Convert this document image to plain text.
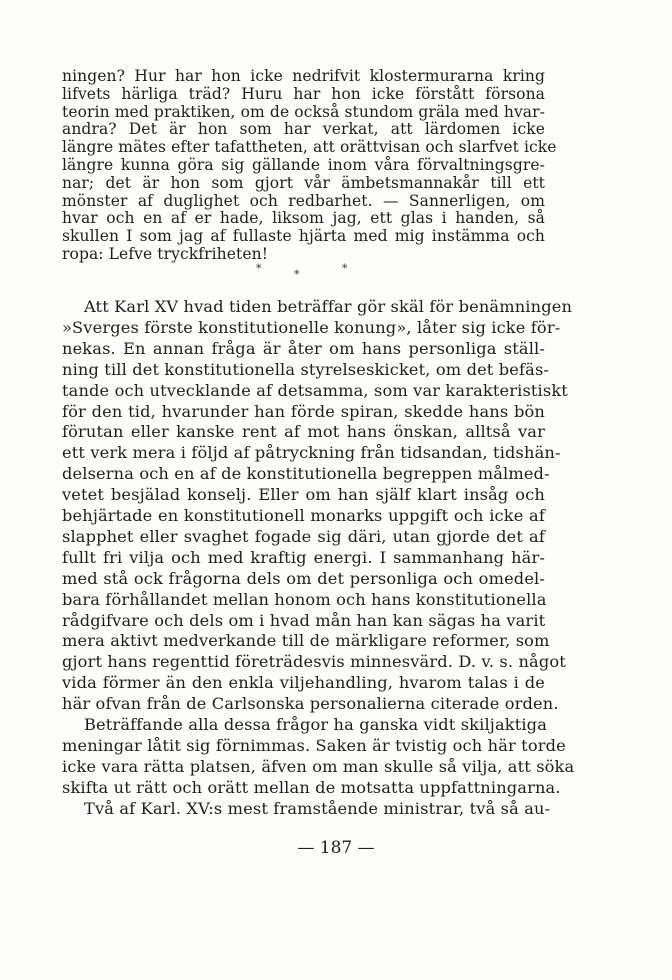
ningen? Hur har hon icke nedrifvit klostermurarna kring
lifvets härliga träd? Huru har hon icke förstått försona
teorin med praktiken, om de också stundom gräla med hvar-
andra? Det är hon som har verkat, att lärdomen icke
längre mätes efter tafattheten, att orättvisan och slarfvet icke
längre kunna göra sig gällande inom våra förvaltningsgre-
nar; det är hon som gjort vår ämbetsmannakår till ett
mönster af duglighet och redbarhet. — Sannerligen, om
hvar och en af er hade, liksom jag, ett glas i handen, så
skullen I som jag af fullaste hjärta med mig instämma och
ropa: Lefve tryckfriheten!
*	*	*
Att Karl XV hvad tiden beträffar gör skäl för benämningen
»Sverges förste konstitutionelle konung», låter sig icke för-
nekas. En annan fråga är åter om hans personliga ställ-
ning till det konstitutionella styrelseskicket, om det befäs-
tande och utvecklande af detsamma, som var karakteristiskt
för den tid, hvarunder han förde spiran, skedde hans bön
förutan eller kanske rent af mot hans önskan, alltså var
ett verk mera i följd af påtryckning från tidsandan, tidshän-
delserna och en af de konstitutionella begreppen målmed-
vetet besjälad konselj. Eller om han själf klart insåg och
behjärtade en konstitutionell monarks uppgift och icke af
slapphet eller svaghet fogade sig däri, utan gjorde det af
fullt fri vilja och med kraftig energi. I sammanhang här-
med stå ock frågorna dels om det personliga och omedel-
bara förhållandet mellan honom och hans konstitutionella
rådgifvare och dels om i hvad mån han kan sägas ha varit
mera aktivt medverkande till de märkligare reformer, som
gjort hans regenttid företrädesvis minnesvärd. D. v. s. något
vida förmer än den enkla viljehandling, hvarom talas i de
här ofvan från de Carlsonska personalierna citerade orden.
Beträffande alla dessa frågor ha ganska vidt skiljaktiga
meningar låtit sig förnimmas. Saken är tvistig och här torde
icke vara rätta platsen, äfven om man skulle så vilja, att söka
skifta ut rätt och orätt mellan de motsatta uppfattningarna.
Två af Karl. XV:s mest framstående ministrar, två så au-
— 187 —
